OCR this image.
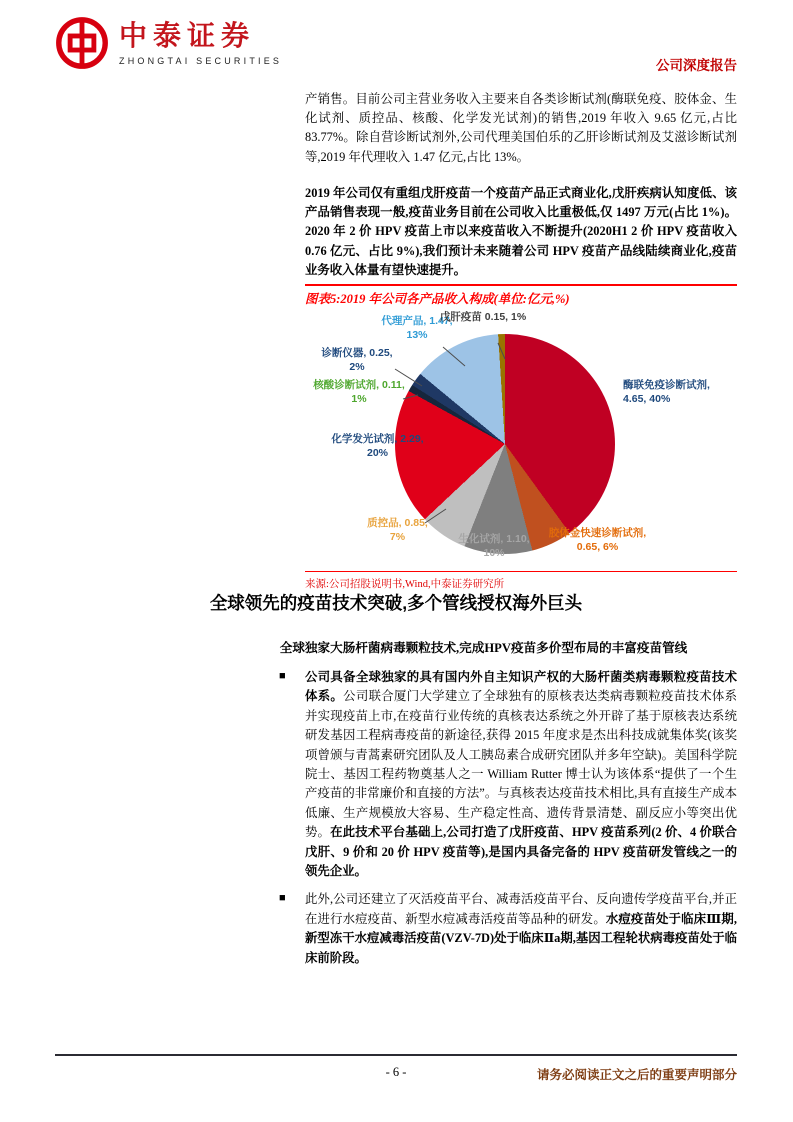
中泰证券
ZHONGTAI SECURITIES	公司深度报告

产销售。目前公司主营业务收入主要来自各类诊断试剂(酶联免疫、胶体金、生化试剂、质控品、核酸、化学发光试剂)的销售,2019 年收入 9.65 亿元,占比 83.77%。除自营诊断试剂外,公司代理美国伯乐的乙肝诊断试剂及艾滋诊断试剂等,2019 年代理收入 1.47 亿元,占比 13%。

2019 年公司仅有重组戊肝疫苗一个疫苗产品正式商业化,戊肝疾病认知度低、该产品销售表现一般,疫苗业务目前在公司收入比重极低,仅 1497 万元(占比 1%)。2020 年 2 价 HPV 疫苗上市以来疫苗收入不断提升(2020H1 2 价 HPV 疫苗收入 0.76 亿元、占比 9%),我们预计未来随着公司 HPV 疫苗产品线陆续商业化,疫苗业务收入体量有望快速提升。

图表5:2019 年公司各产品收入构成(单位:亿元,%)
酶联免疫诊断试剂, 4.65, 40%
胶体金快速诊断试剂, 0.65, 6%
生化试剂, 1.10, 10%
质控品, 0.85, 7%
化学发光试剂, 2.29, 20%
核酸诊断试剂, 0.11, 1%
诊断仪器, 0.25, 2%
代理产品, 1.47, 13%
戊肝疫苗 0.15, 1%
来源:公司招股说明书,Wind,中泰证券研究所
全球领先的疫苗技术突破,多个管线授权海外巨头
全球独家大肠杆菌病毒颗粒技术,完成HPV疫苗多价型布局的丰富疫苗管线
■ 公司具备全球独家的具有国内外自主知识产权的大肠杆菌类病毒颗粒疫苗技术体系。公司联合厦门大学建立了全球独有的原核表达类病毒颗粒疫苗技术体系并实现疫苗上市,在疫苗行业传统的真核表达系统之外开辟了基于原核表达系统研发基因工程病毒疫苗的新途径,获得 2015 年度求是杰出科技成就集体奖(该奖项曾颁与青蒿素研究团队及人工胰岛素合成研究团队并多年空缺)。美国科学院院士、基因工程药物奠基人之一 William Rutter 博士认为该体系“提供了一个生产疫苗的非常廉价和直接的方法”。与真核表达疫苗技术相比,具有直接生产成本低廉、生产规模放大容易、生产稳定性高、遗传背景清楚、副反应小等突出优势。在此技术平台基础上,公司打造了戊肝疫苗、HPV 疫苗系列(2 价、4 价联合戊肝、9 价和 20 价 HPV 疫苗等),是国内具备完备的 HPV 疫苗研发管线之一的领先企业。

■ 此外,公司还建立了灭活疫苗平台、减毒活疫苗平台、反向遗传学疫苗平台,并正在进行水痘疫苗、新型水痘减毒活疫苗等品种的研发。水痘疫苗处于临床Ⅲ期,新型冻干水痘减毒活疫苗(VZV-7D)处于临床Ⅱa期,基因工程轮状病毒疫苗处于临床前阶段。

- 6 -	请务必阅读正文之后的重要声明部分
